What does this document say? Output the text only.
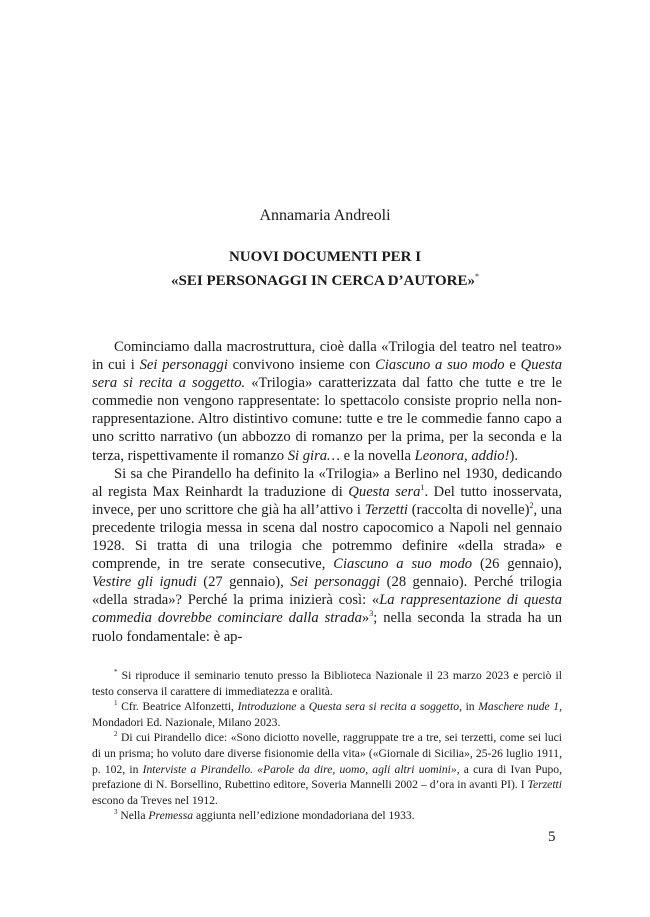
Annamaria Andreoli
NUOVI DOCUMENTI PER I
«SEI PERSONAGGI IN CERCA D’AUTORE»*

Cominciamo dalla macrostruttura, cioè dalla «Trilogia del teatro nel teatro» in cui i Sei personaggi convivono insieme con Ciascuno a suo modo e Questa sera si recita a soggetto. «Trilogia» caratterizzata dal fatto che tutte e tre le commedie non vengono rappresentate: lo spettacolo consiste proprio nella non-rappresentazione. Altro distintivo comune: tutte e tre le commedie fanno capo a uno scritto narrativo (un abbozzo di romanzo per la prima, per la seconda e la terza, rispettivamente il romanzo Si gira… e la novella Leonora, addio!).

Si sa che Pirandello ha definito la «Trilogia» a Berlino nel 1930, dedicando al regista Max Reinhardt la traduzione di Questa sera$^1$. Del tutto inosservata, invece, per uno scrittore che già ha all’attivo i Terzetti (raccolta di novelle)$^2$, una precedente trilogia messa in scena dal nostro capocomico a Napoli nel gennaio 1928. Si tratta di una trilogia che potremmo definire «della strada» e comprende, in tre serate consecutive, Ciascuno a suo modo (26 gennaio), Vestire gli ignudi (27 gennaio), Sei personaggi (28 gennaio). Perché trilogia «della strada»? Perché la prima inizierà così: «La rappresentazione di questa commedia dovrebbe cominciare dalla strada»$^3$; nella seconda la strada ha un ruolo fondamentale: è ap-

* Si riproduce il seminario tenuto presso la Biblioteca Nazionale il 23 marzo 2023 e perciò il testo conserva il carattere di immediatezza e oralità.

$^1$ Cfr. Beatrice Alfonzetti, Introduzione a Questa sera si recita a soggetto, in Maschere nude 1, Mondadori Ed. Nazionale, Milano 2023.

$^2$ Di cui Pirandello dice: «Sono diciotto novelle, raggruppate tre a tre, sei terzetti, come sei luci di un prisma; ho voluto dare diverse fisionomie della vita» («Giornale di Sicilia», 25-26 luglio 1911, p. 102, in Interviste a Pirandello. «Parole da dire, uomo, agli altri uomini», a cura di Ivan Pupo, prefazione di N. Borsellino, Rubettino editore, Soveria Mannelli 2002 – d’ora in avanti PI). I Terzetti escono da Treves nel 1912.

$^3$ Nella Premessa aggiunta nell’edizione mondadoriana del 1933.

5
